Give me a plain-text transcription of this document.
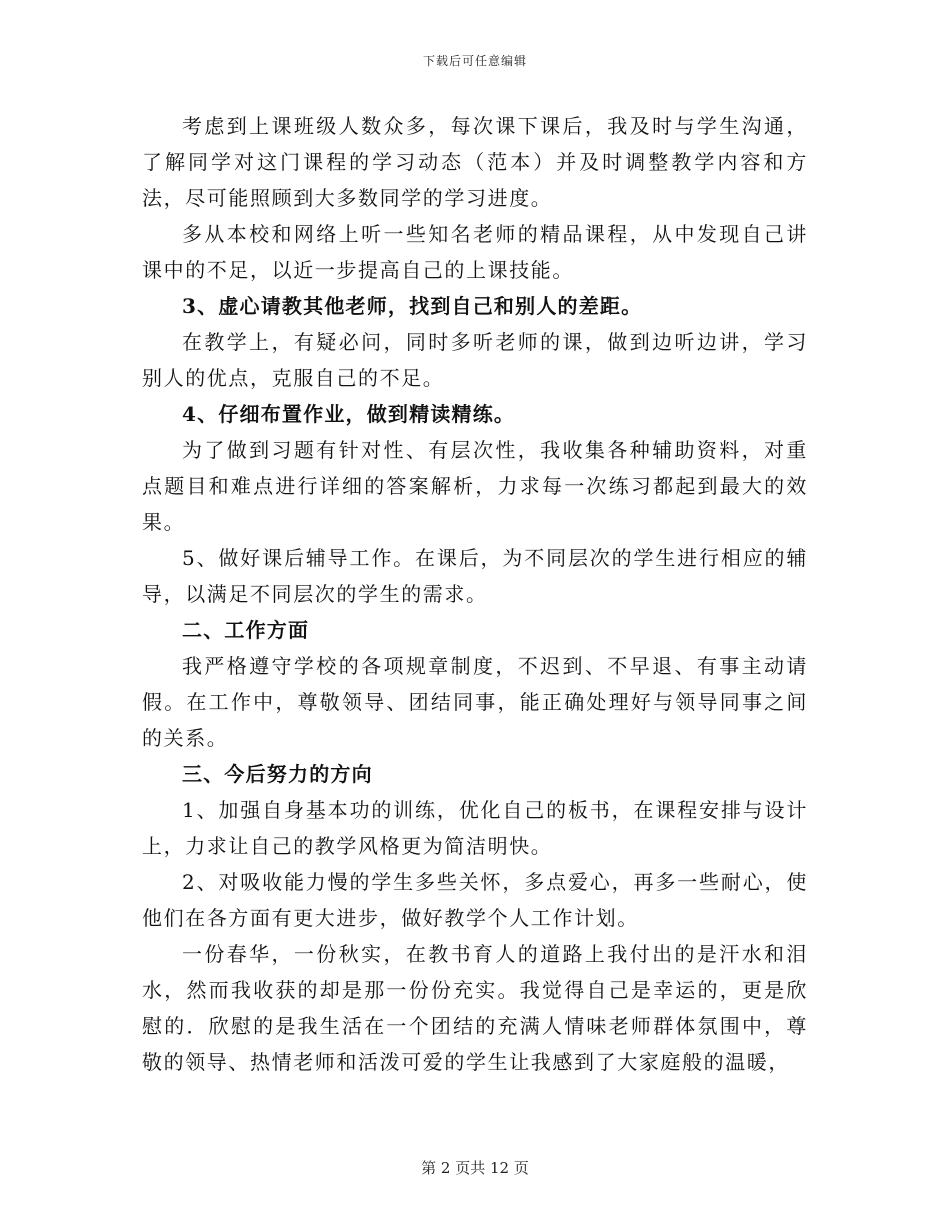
下载后可任意编辑

考虑到上课班级人数众多，每次课下课后，我及时与学生沟通，了解同学对这门课程的学习动态（范本）并及时调整教学内容和方法，尽可能照顾到大多数同学的学习进度。

多从本校和网络上听一些知名老师的精品课程，从中发现自己讲课中的不足，以近一步提高自己的上课技能。

3、虚心请教其他老师，找到自己和别人的差距。

在教学上，有疑必问，同时多听老师的课，做到边听边讲，学习别人的优点，克服自己的不足。

4、仔细布置作业，做到精读精练。

为了做到习题有针对性、有层次性，我收集各种辅助资料，对重点题目和难点进行详细的答案解析，力求每一次练习都起到最大的效果。

5、做好课后辅导工作。在课后，为不同层次的学生进行相应的辅导，以满足不同层次的学生的需求。

二、工作方面

我严格遵守学校的各项规章制度，不迟到、不早退、有事主动请假。在工作中，尊敬领导、团结同事，能正确处理好与领导同事之间的关系。

三、今后努力的方向

1、加强自身基本功的训练，优化自己的板书，在课程安排与设计上，力求让自己的教学风格更为简洁明快。

2、对吸收能力慢的学生多些关怀，多点爱心，再多一些耐心，使他们在各方面有更大进步，做好教学个人工作计划。

一份春华，一份秋实，在教书育人的道路上我付出的是汗水和泪水，然而我收获的却是那一份份充实。我觉得自己是幸运的，更是欣慰的．欣慰的是我生活在一个团结的充满人情味老师群体氛围中，尊敬的领导、热情老师和活泼可爱的学生让我感到了大家庭般的温暖，

第 2 页共 12 页
